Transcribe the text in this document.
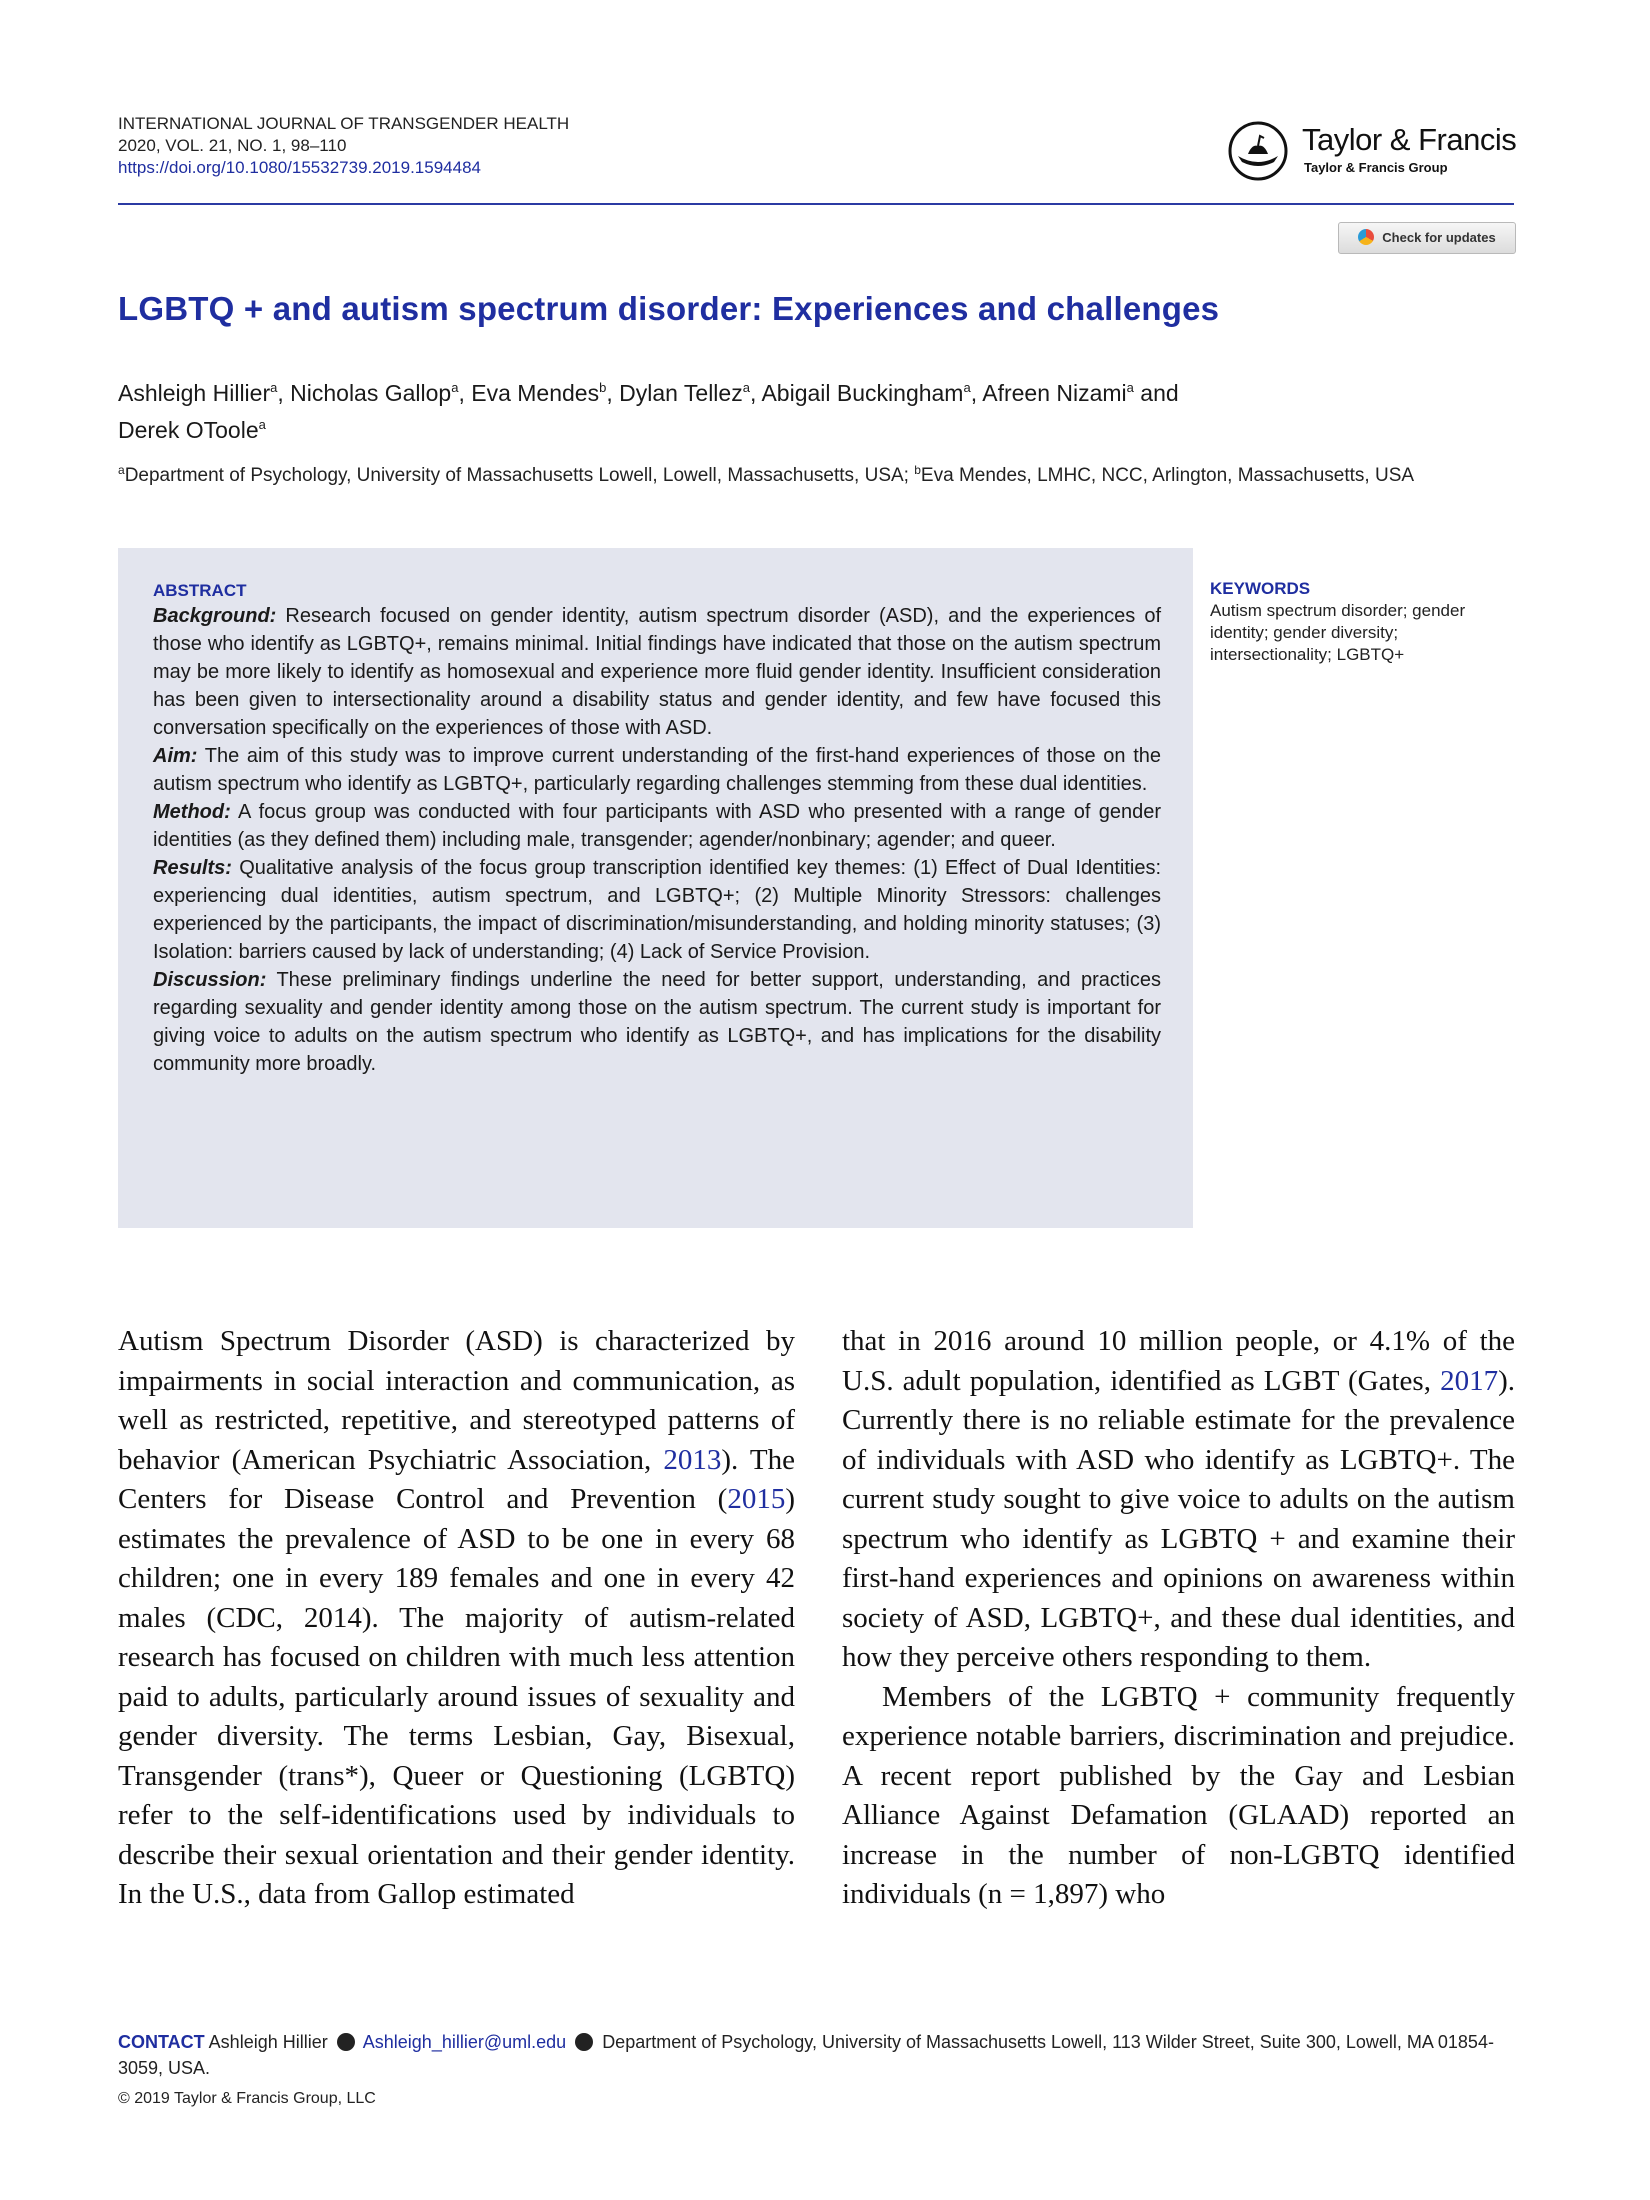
INTERNATIONAL JOURNAL OF TRANSGENDER HEALTH
2020, VOL. 21, NO. 1, 98–110
https://doi.org/10.1080/15532739.2019.1594484
Taylor & Francis
Taylor & Francis Group
Check for updates
LGBTQ + and autism spectrum disorder: Experiences and challenges
Ashleigh Hillier$^a$, Nicholas Gallop$^a$, Eva Mendes$^b$, Dylan Tellez$^a$, Abigail Buckingham$^a$, Afreen Nizami$^a$ and
Derek OToole$^a$
$^a$Department of Psychology, University of Massachusetts Lowell, Lowell, Massachusetts, USA; $^b$Eva Mendes, LMHC, NCC, Arlington, Massachusetts, USA
ABSTRACT
Background: Research focused on gender identity, autism spectrum disorder (ASD), and the experiences of those who identify as LGBTQ+, remains minimal. Initial findings have indicated that those on the autism spectrum may be more likely to identify as homosexual and experience more fluid gender identity. Insufficient consideration has been given to intersectionality around a disability status and gender identity, and few have focused this conversation specifically on the experiences of those with ASD.
Aim: The aim of this study was to improve current understanding of the first-hand experiences of those on the autism spectrum who identify as LGBTQ+, particularly regarding challenges stemming from these dual identities.
Method: A focus group was conducted with four participants with ASD who presented with a range of gender identities (as they defined them) including male, transgender; agender/nonbinary; agender; and queer.
Results: Qualitative analysis of the focus group transcription identified key themes: (1) Effect of Dual Identities: experiencing dual identities, autism spectrum, and LGBTQ+; (2) Multiple Minority Stressors: challenges experienced by the participants, the impact of discrimination/misunderstanding, and holding minority statuses; (3) Isolation: barriers caused by lack of understanding; (4) Lack of Service Provision.
Discussion: These preliminary findings underline the need for better support, understanding, and practices regarding sexuality and gender identity among those on the autism spectrum. The current study is important for giving voice to adults on the autism spectrum who identify as LGBTQ+, and has implications for the disability community more broadly.
KEYWORDS
Autism spectrum disorder; gender identity; gender diversity; intersectionality; LGBTQ+
Autism Spectrum Disorder (ASD) is characterized by impairments in social interaction and communication, as well as restricted, repetitive, and stereotyped patterns of behavior (American Psychiatric Association, 2013). The Centers for Disease Control and Prevention (2015) estimates the prevalence of ASD to be one in every 68 children; one in every 189 females and one in every 42 males (CDC, 2014). The majority of autism-related research has focused on children with much less attention paid to adults, particularly around issues of sexuality and gender diversity. The terms Lesbian, Gay, Bisexual, Transgender (trans*), Queer or Questioning (LGBTQ) refer to the self-identifications used by individuals to describe their sexual orientation and their gender identity. In the U.S., data from Gallop estimated
that in 2016 around 10 million people, or 4.1% of the U.S. adult population, identified as LGBT (Gates, 2017). Currently there is no reliable estimate for the prevalence of individuals with ASD who identify as LGBTQ+. The current study sought to give voice to adults on the autism spectrum who identify as LGBTQ + and examine their first-hand experiences and opinions on awareness within society of ASD, LGBTQ+, and these dual identities, and how they perceive others responding to them.
Members of the LGBTQ + community frequently experience notable barriers, discrimination and prejudice. A recent report published by the Gay and Lesbian Alliance Against Defamation (GLAAD) reported an increase in the number of non-LGBTQ identified individuals (n = 1,897) who
CONTACT Ashleigh Hillier Ashleigh_hillier@uml.edu Department of Psychology, University of Massachusetts Lowell, 113 Wilder Street, Suite 300, Lowell, MA 01854-3059, USA.
© 2019 Taylor & Francis Group, LLC
